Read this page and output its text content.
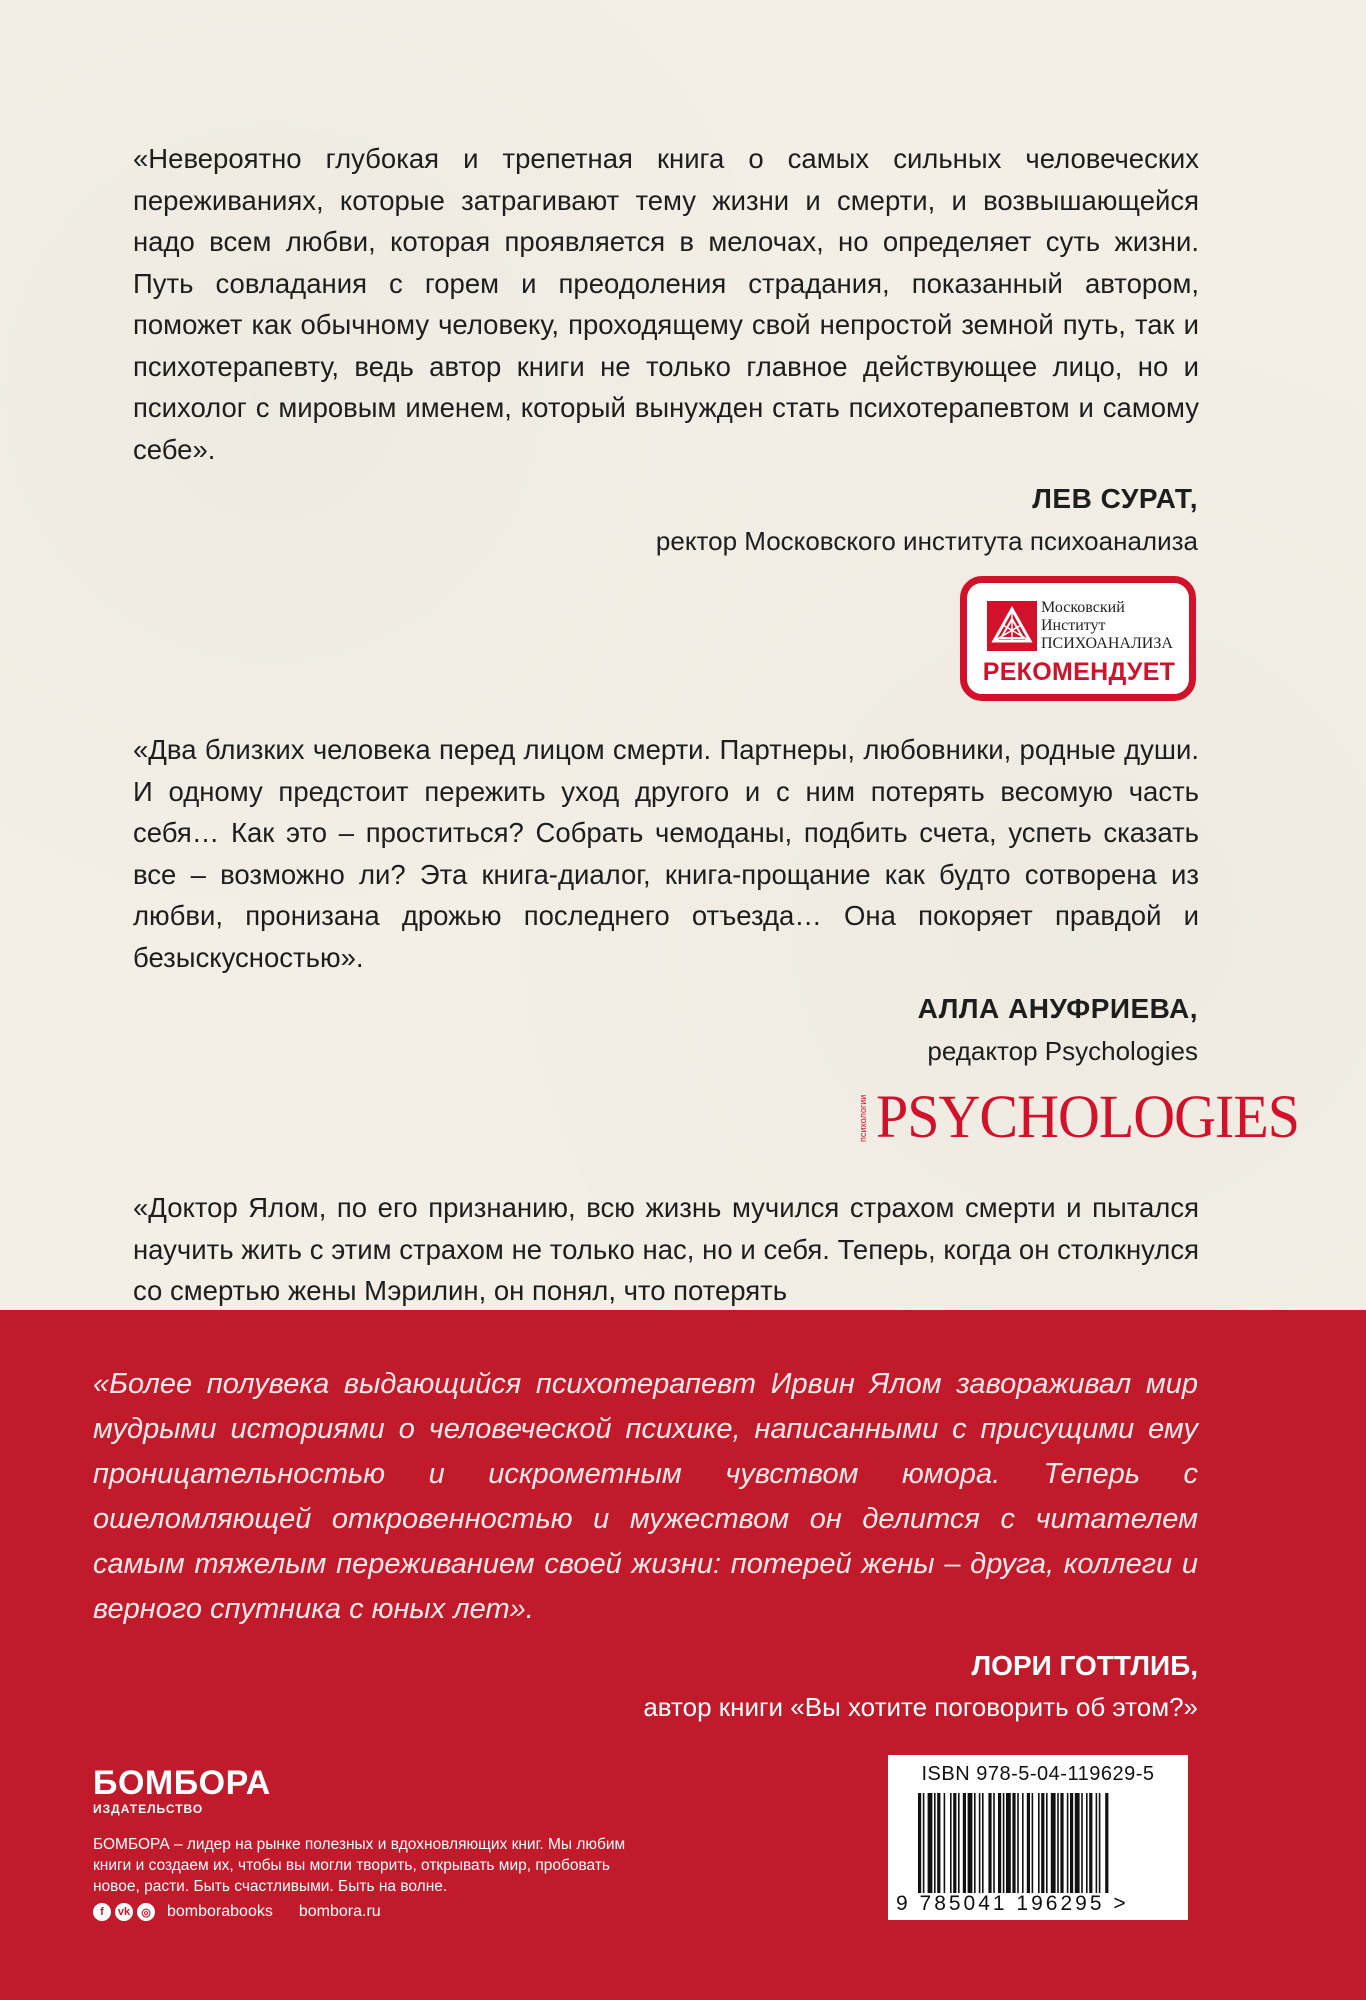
«Невероятно глубокая и трепетная книга о самых сильных человеческих переживаниях, которые затрагивают тему жизни и смерти, и возвышающейся надо всем любви, которая проявляется в мелочах, но определяет суть жизни. Путь совладания с горем и преодоления страдания, показанный автором, поможет как обычному человеку, проходящему свой непростой земной путь, так и психотерапевту, ведь автор книги не только главное действующее лицо, но и психолог с мировым именем, который вынужден стать психотерапевтом и самому себе».

ЛЕВ СУРАТ,

ректор Московского института психоанализа

Московский
Институт
ПСИХОАНАЛИЗА
РЕКОМЕНДУЕТ

«Два близких человека перед лицом смерти. Партнеры, любовники, родные души. И одному предстоит пережить уход другого и с ним потерять весомую часть себя… Как это – проститься? Собрать чемоданы, подбить счета, успеть сказать все – возможно ли? Эта книга-диалог, книга-прощание как будто сотворена из любви, пронизана дрожью последнего отъезда… Она покоряет правдой и безыскусностью».

АЛЛА АНУФРИЕВА,

редактор Psychologies

психологии PSYCHOLOGIES

«Доктор Ялом, по его признанию, всю жизнь мучился страхом смерти и пытался научить жить с этим страхом не только нас, но и себя. Теперь, когда он столкнулся со смертью жены Мэрилин, он понял, что потерять

«Более полувека выдающийся психотерапевт Ирвин Ялом завораживал мир мудрыми историями о человеческой психике, написанными с присущими ему проницательностью и искрометным чувством юмора. Теперь с ошеломляющей откровенностью и мужеством он делится с читателем самым тяжелым переживанием своей жизни: потерей жены – друга, коллеги и верного спутника с юных лет».

ЛОРИ ГОТТЛИБ,

автор книги «Вы хотите поговорить об этом?»

БОМБОРА
ИЗДАТЕЛЬСТВО

БОМБОРА – лидер на рынке полезных и вдохновляющих книг. Мы любим книги и создаем их, чтобы вы могли творить, открывать мир, пробовать новое, расти. Быть счастливыми. Быть на волне.

f	vk	◎ bomborabooks bombora.ru
ISBN 978-5-04-119629-5
9 785041 196295 >
